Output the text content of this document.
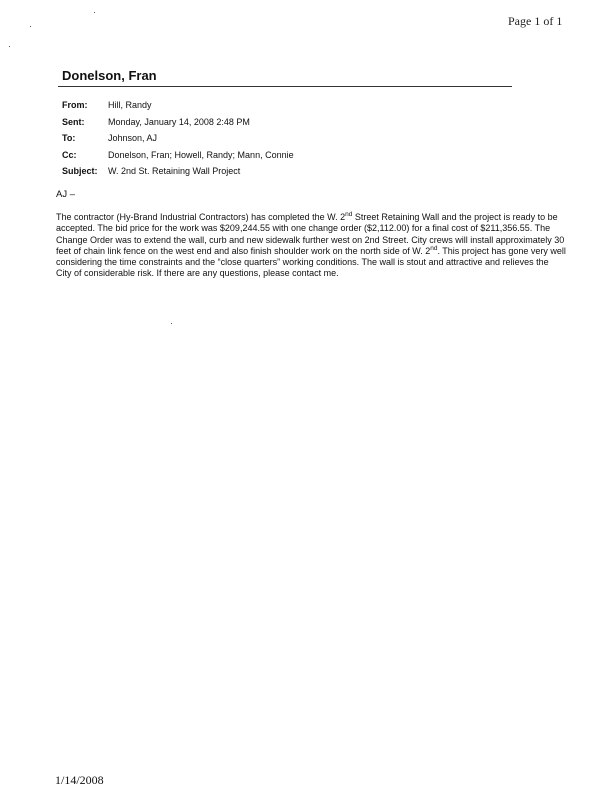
Page 1 of 1
Donelson, Fran
From:	Hill, Randy
Sent:	Monday, January 14, 2008 2:48 PM
To:	Johnson, AJ
Cc:	Donelson, Fran; Howell, Randy; Mann, Connie
Subject:	W. 2nd St. Retaining Wall Project
AJ –
The contractor (Hy-Brand Industrial Contractors) has completed the W. 2nd Street Retaining Wall and the project is ready to be accepted. The bid price for the work was $209,244.55 with one change order ($2,112.00) for a final cost of $211,356.55. The Change Order was to extend the wall, curb and new sidewalk further west on 2nd Street. City crews will install approximately 30 feet of chain link fence on the west end and also finish shoulder work on the north side of W. 2nd. This project has gone very well considering the time constraints and the “close quarters” working conditions. The wall is stout and attractive and relieves the City of considerable risk. If there are any questions, please contact me.
1/14/2008
